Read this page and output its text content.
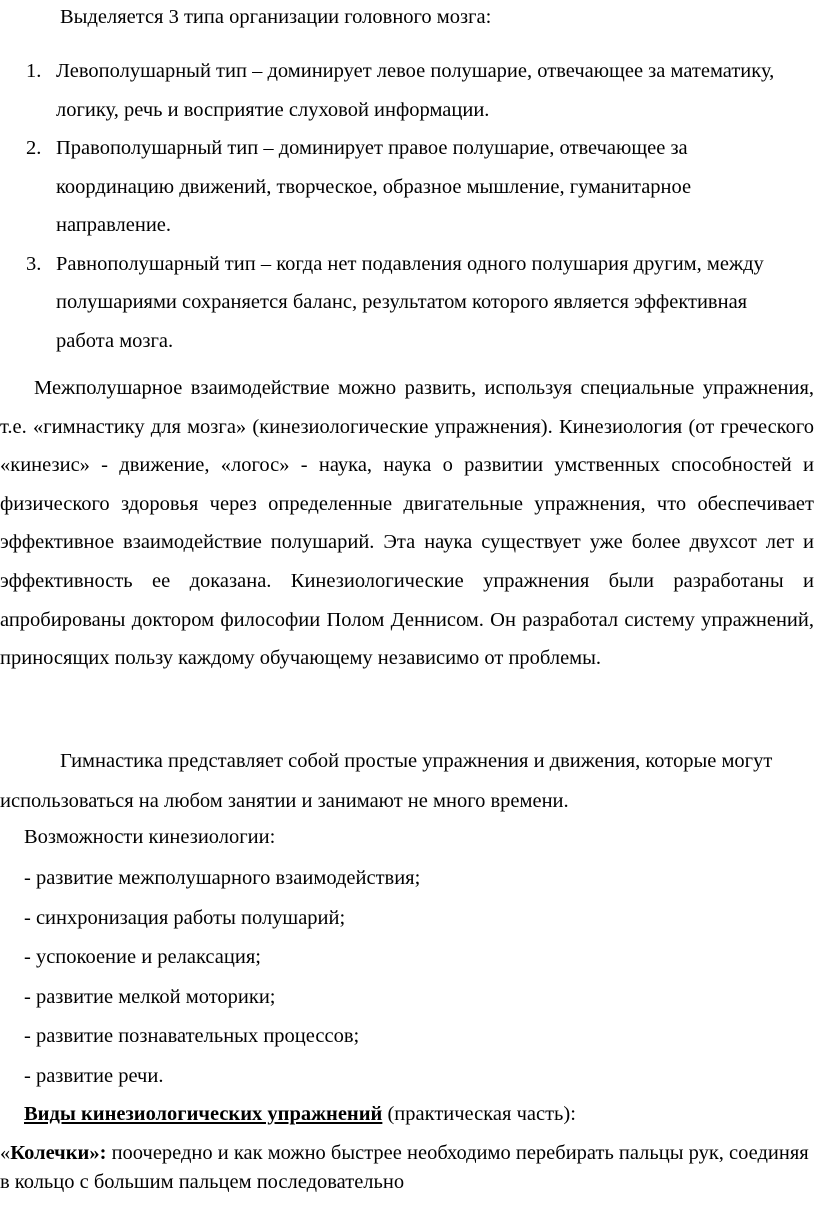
Выделяется 3 типа организации головного мозга:
1. Левополушарный тип – доминирует левое полушарие, отвечающее за математику, логику, речь и восприятие слуховой информации.
2. Правополушарный тип – доминирует правое полушарие, отвечающее за координацию движений, творческое, образное мышление, гуманитарное направление.
3. Равнополушарный тип – когда нет подавления одного полушария другим, между полушариями сохраняется баланс, результатом которого является эффективная работа мозга.

Межполушарное взаимодействие можно развить, используя специальные упражнения, т.е. «гимнастику для мозга» (кинезиологические упражнения). Кинезиология (от греческого «кинезис» - движение, «логос» - наука, наука о развитии умственных способностей и физического здоровья через определенные двигательные упражнения, что обеспечивает эффективное взаимодействие полушарий. Эта наука существует уже более двухсот лет и эффективность ее доказана. Кинезиологические упражнения были разработаны и апробированы доктором философии Полом Деннисом. Он разработал систему упражнений, приносящих пользу каждому обучающему независимо от проблемы.

Гимнастика представляет собой простые упражнения и движения, которые могут использоваться на любом занятии и занимают не много времени.

Возможности кинезиологии:
- развитие межполушарного взаимодействия;
- синхронизация работы полушарий;
- успокоение и релаксация;
- развитие мелкой моторики;
- развитие познавательных процессов;
- развитие речи.
Виды кинезиологических упражнений (практическая часть):
«Колечки»: поочередно и как можно быстрее необходимо перебирать пальцы рук, соединяя в кольцо с большим пальцем последовательно
